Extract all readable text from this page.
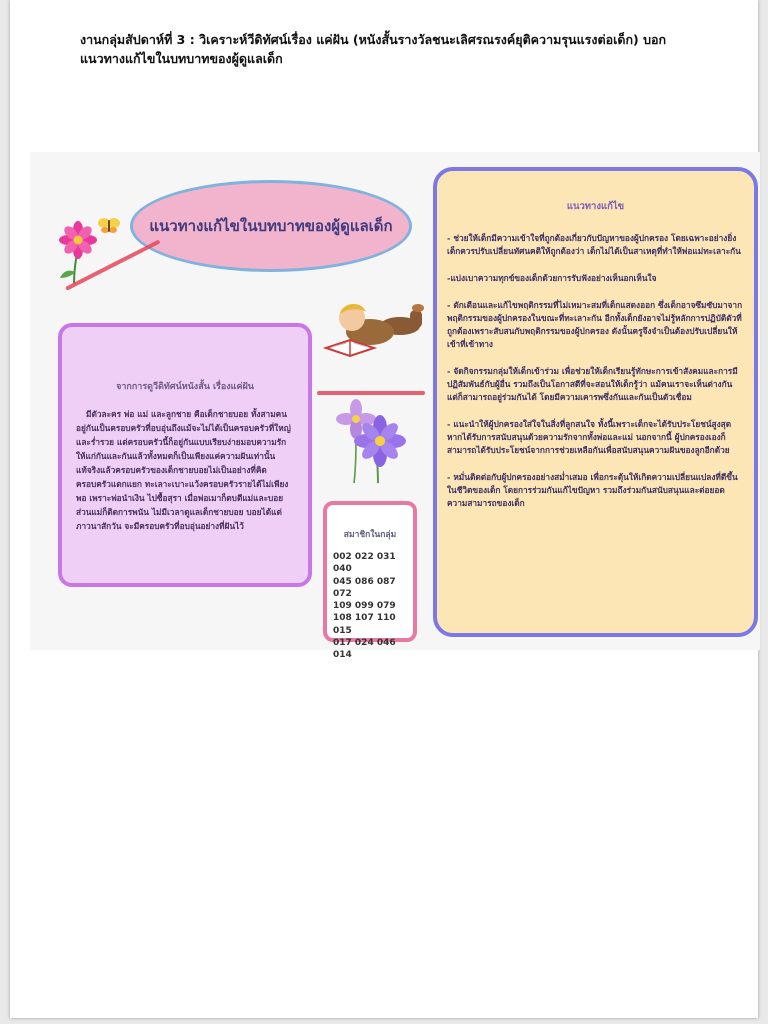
งานกลุ่มสัปดาห์ที่ 3 : วิเคราะห์วีดิทัศน์เรื่อง แค่ฝัน (หนังสั้นรางวัลชนะเลิศรณรงค์ยุติความรุนแรงต่อเด็ก) บอก
แนวทางแก้ไขในบทบาทของผู้ดูแลเด็ก
แนวทางแก้ไขในบทบาทของผู้ดูแลเด็ก
จากการดูวีดิทัศน์หนังสั้น เรื่องแค่ฝัน
มีตัวละคร พ่อ แม่ และลูกชาย คือเด็กชายบอย ทั้งสามคนอยู่กันเป็นครอบครัวที่อบอุ่นถึงแม้จะไม่ได้เป็นครอบครัวที่ใหญ่ และร่ำรวย แต่ครอบครัวนี้ก็อยู่กันแบบเรียบง่ายมอบความรักให้แก่กันและกันแล้วทั้งหมดก็เป็นเพียงแค่ความฝันเท่านั้น แท้จริงแล้วครอบครัวของเด็กชายบอยไม่เป็นอย่างที่คิด ครอบครัวแตกแยก ทะเลาะเบาะแว้งครอบครัวรายได้ไม่เพียงพอ เพราะพ่อนำเงิน ไปซื้อสุรา เมื่อพ่อเมาก็ตบตีแม่และบอย ส่วนแม่ก็ติดการพนัน ไม่มีเวลาดูแลเด็กชายบอย บอยได้แต่ภาวนาสักวัน จะมีครอบครัวที่อบอุ่นอย่างที่ฝันไว้
สมาชิกในกลุ่ม
002 022 031 040
045 086 087 072
109 099 079
108 107 110 015
017 024 046
014
แนวทางแก้ไข
- ช่วยให้เด็กมีความเข้าใจที่ถูกต้องเกี่ยวกับปัญหาของผู้ปกครอง โดยเฉพาะอย่างยิ่ง เด็กควรปรับเปลี่ยนทัศนคติให้ถูกต้องว่า เด็กไม่ได้เป็นสาเหตุที่ทำให้พ่อแม่ทะเลาะกัน
-แบ่งเบาความทุกข์ของเด็กด้วยการรับฟังอย่างเห็นอกเห็นใจ
- ตักเตือนและแก้ไขพฤติกรรมที่ไม่เหมาะสมที่เด็กแสดงออก ซึ่งเด็กอาจซึมซับมาจากพฤติกรรมของผู้ปกครองในขณะที่ทะเลาะกัน อีกทั้งเด็กยังอาจไม่รู้หลักการปฏิบัติตัวที่ถูกต้องเพราะสับสนกับพฤติกรรมของผู้ปกครอง ดังนั้นครูจึงจำเป็นต้องปรับเปลี่ยนให้เข้าที่เข้าทาง
- จัดกิจกรรมกลุ่มให้เด็กเข้าร่วม เพื่อช่วยให้เด็กเรียนรู้ทักษะการเข้าสังคมและการมีปฏิสัมพันธ์กับผู้อื่น รวมถึงเป็นโอกาสดีที่จะสอนให้เด็กรู้ว่า แม้คนเราจะเห็นต่างกัน แต่ก็สามารถอยู่ร่วมกันได้ โดยมีความเคารพซึ่งกันและกันเป็นตัวเชื่อม
- แนะนำให้ผู้ปกครองใส่ใจในสิ่งที่ลูกสนใจ ทั้งนี้เพราะเด็กจะได้รับประโยชน์สูงสุดหากได้รับการสนับสนุนด้วยความรักจากทั้งพ่อและแม่ นอกจากนี้ ผู้ปกครองเองก็สามารถได้รับประโยชน์จากการช่วยเหลือกันเพื่อสนับสนุนความฝันของลูกอีกด้วย
- หมั่นติดต่อกับผู้ปกครองอย่างสม่ำเสมอ เพื่อกระตุ้นให้เกิดความเปลี่ยนแปลงที่ดีขึ้นในชีวิตของเด็ก โดยการร่วมกันแก้ไขปัญหา รวมถึงร่วมกันสนับสนุนและต่อยอดความสามารถของเด็ก
